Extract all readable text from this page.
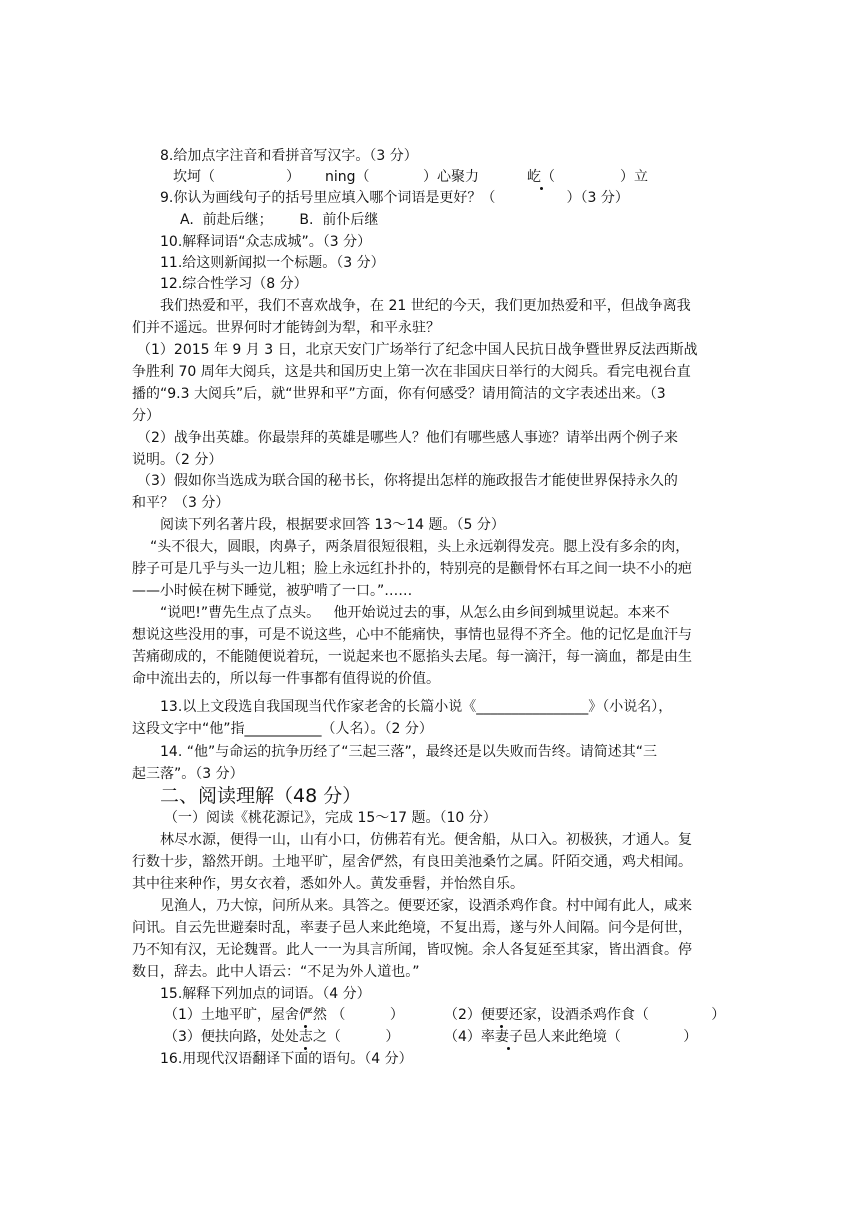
8.给加点字注音和看拼音写汉字。（3 分）
坎坷（	） ning（	）心聚力	屹（	）立
9.你认为画线句子的括号里应填入哪个词语是更好？（                ）（3 分）
A.  前赴后继；      B.  前仆后继
10.解释词语“众志成城”。（3 分）
11.给这则新闻拟一个标题。（3 分）
12.综合性学习（8 分）
我们热爱和平，我们不喜欢战争，在 21 世纪的今天，我们更加热爱和平，但战争离我
们并不遥远。世界何时才能铸剑为犁，和平永驻？
（1）2015 年 9 月 3 日，北京天安门广场举行了纪念中国人民抗日战争暨世界反法西斯战
争胜利 70 周年大阅兵，这是共和国历史上第一次在非国庆日举行的大阅兵。看完电视台直
播的“9.3 大阅兵”后，就“世界和平”方面，你有何感受？请用简洁的文字表述出来。（3
分）
（2）战争出英雄。你最崇拜的英雄是哪些人？他们有哪些感人事迹？请举出两个例子来
说明。（2 分）
（3）假如你当选成为联合国的秘书长，你将提出怎样的施政报告才能使世界保持永久的
和平？（3 分）
阅读下列名著片段，根据要求回答 13～14 题。（5 分）
“头不很大，圆眼，肉鼻子，两条眉很短很粗，头上永远剃得发亮。腮上没有多余的肉，
脖子可是几乎与头一边儿粗；脸上永远红扑扑的，特别亮的是颧骨怀右耳之间一块不小的疤
——小时候在树下睡觉，被驴啃了一口。”……
“说吧!”曹先生点了点头。   他开始说过去的事，从怎么由乡间到城里说起。本来不
想说这些没用的事，可是不说这些，心中不能痛快，事情也显得不齐全。他的记忆是血汗与
苦痛砌成的，不能随便说着玩，一说起来也不愿掐头去尾。每一滴汗，每一滴血，都是由生
命中流出去的，所以每一件事都有值得说的价值。
13.以上文段选自我国现当代作家老舍的长篇小说《________________》（小说名），
这段文字中“他”指___________（人名）。（2 分）
14. “他”与命运的抗争历经了“三起三落”，最终还是以失败而告终。请简述其“三
起三落”。（3 分）
二、阅读理解（48 分）
（一）阅读《桃花源记》，完成 15～17 题。（10 分）
林尽水源，便得一山，山有小口，仿佛若有光。便舍船，从口入。初极狭，才通人。复
行数十步，豁然开朗。土地平旷，屋舍俨然，有良田美池桑竹之属。阡陌交通，鸡犬相闻。
其中往来种作，男女衣着，悉如外人。黄发垂髫，并怡然自乐。
见渔人，乃大惊，问所从来。具答之。便要还家，设酒杀鸡作食。村中闻有此人，咸来
问讯。自云先世避秦时乱，率妻子邑人来此绝境，不复出焉，遂与外人间隔。问今是何世，
乃不知有汉，无论魏晋。此人一一为具言所闻，皆叹惋。余人各复延至其家，皆出酒食。停
数日，辞去。此中人语云：“不足为外人道也。”
15.解释下列加点的词语。（4 分）
（1）土地平旷，屋舍俨然 （          ）	（2）便要还家，设酒杀鸡作食（              ）
（3）便扶向路，处处志之（          ）	（4）率妻子邑人来此绝境（              ）
16.用现代汉语翻译下面的语句。（4 分）
